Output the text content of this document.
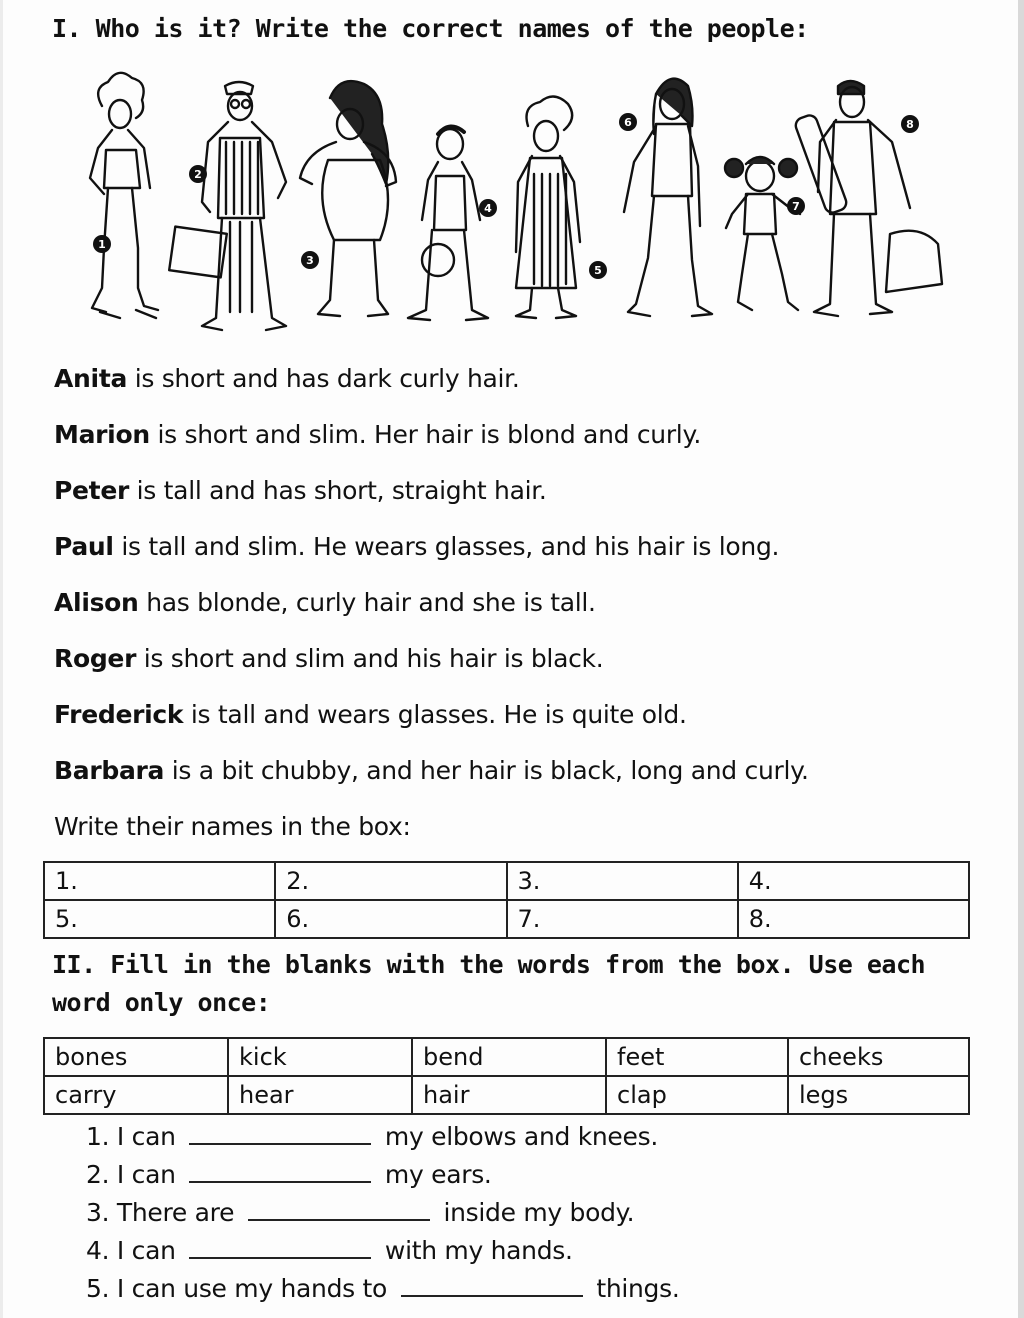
I. Who is it? Write the correct names of the people:
1
2
3
4
5
6
7
8
Anita is short and has dark curly hair.
Marion is short and slim. Her hair is blond and curly.
Peter is tall and has short, straight hair.
Paul is tall and slim. He wears glasses, and his hair is long.
Alison has blonde, curly hair and she is tall.
Roger is short and slim and his hair is black.
Frederick is tall and wears glasses. He is quite old.
Barbara is a bit chubby, and her hair is black, long and curly.
Write their names in the box:
1.	2.	3.	4.
5.	6.	7.	8.
II. Fill in the blanks with the words from the box. Use each word only once:
bones	kick	bend	feet	cheeks
carry	hear	hair	clap	legs
1. I can	my elbows and knees.
2. I can	my ears.
3. There are	inside my body.
4. I can	with my hands.
5. I can use my hands to	things.
